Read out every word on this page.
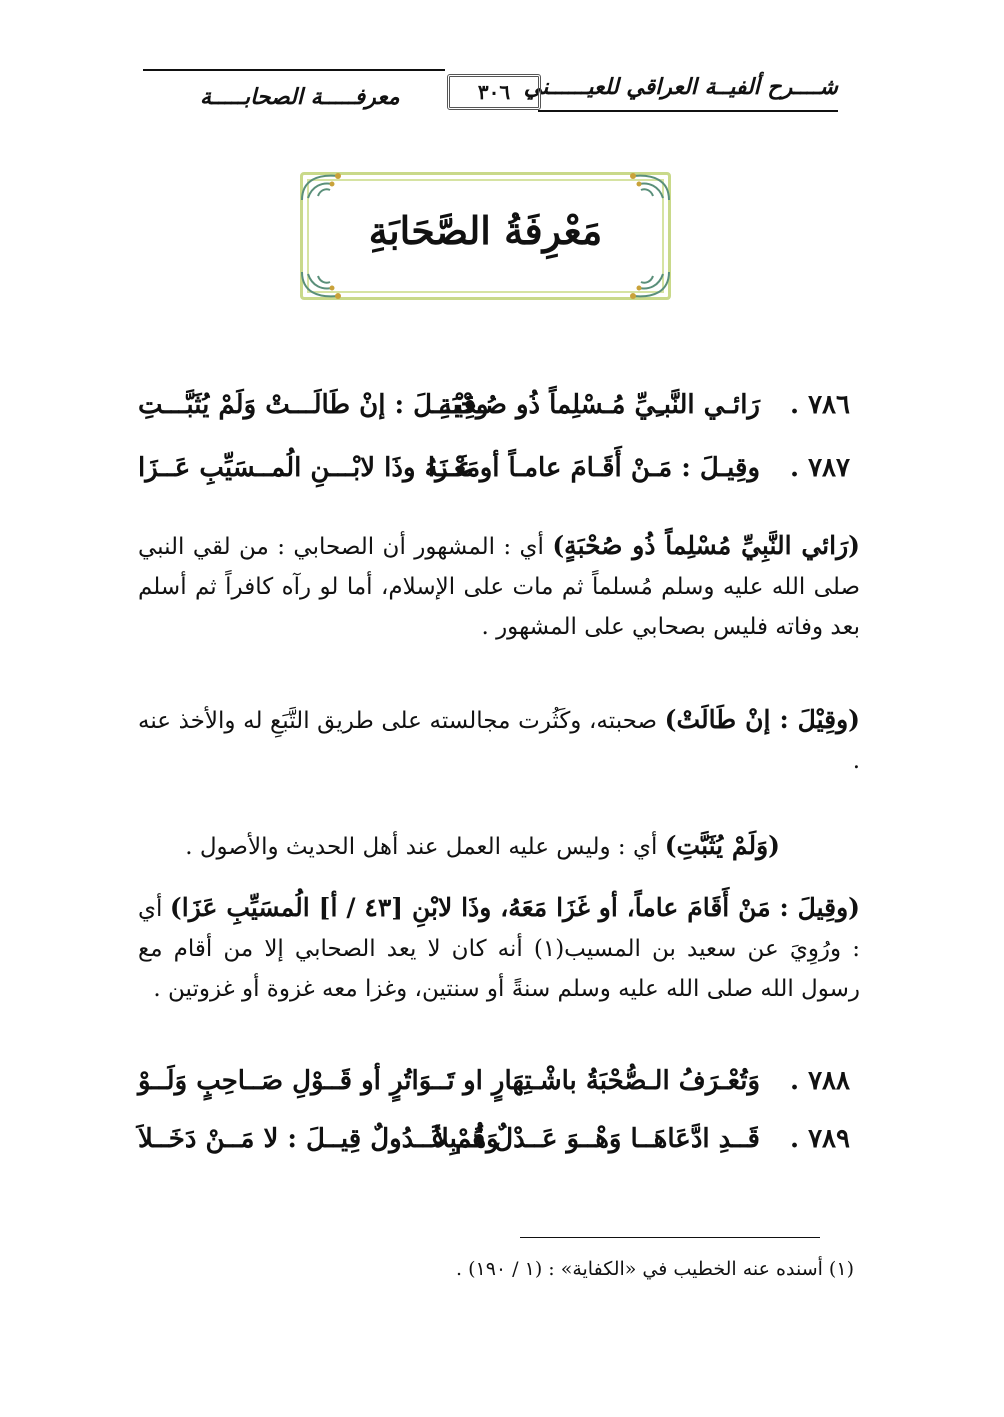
شــــرح ألفيــة العراقي للعيــــــني
٣٠٦
معرفـــــة الصحابـــــة
مَعْرِفَةُ الصَّحَابَةِ
٧٨٦ .
رَائـي النَّبـِيِّ مُـسْلِماً ذُو صُـحْبَةِ
وقِيْـــلَ : إنْ طَالَـــتْ وَلَمْ يُثَبَّـــتِ
٧٨٧ .
وقِيـلَ : مَـنْ أَقَـامَ عامـاً أو غَـزَا
مَعْــهُ وذَا لابْـــنِ الُمــسَيِّبِ عَــزَا
(رَائي النَّبِيِّ مُسْلِماً ذُو صُحْبَةٍ) أي : المشهور أن الصحابي : من لقي النبي صلى الله عليه وسلم مُسلماً ثم مات على الإسلام، أما لو رآه كافراً ثم أسلم بعد وفاته فليس بصحابي على المشهور .
(وقِيْلَ : إنْ طَالَتْ) صحبته، وكَثُرت مجالسته على طريق التَّبَعِ له والأخذ عنه .
(وَلَمْ يُثَبَّتِ) أي : وليس عليه العمل عند أهل الحديث والأصول .
(وقِيلَ : مَنْ أَقَامَ عاماً، أو غَزَا مَعَهُ، وذَا لابْنِ [٤٣ / أ] الُمسَيِّبِ عَزَا) أي : ورُوِيَ عن سعيد بن المسيب(١) أنه كان لا يعد الصحابي إلا من أقام مع رسول الله صلى الله عليه وسلم سنةً أو سنتين، وغزا معه غزوة أو غزوتين .
٧٨٨ .
وَتُعْـرَفُ الـصُّحْبَةُ باشْـتِهَارٍ او
تَــوَاتُرٍ أو قَــوْلِ صَــاحِبٍ وَلَــوْ
٧٨٩ .
قَــدِ ادَّعَاهَــا وَهْــوَ عَــدْلٌ قُــبِلاَ
وَهُمْ عُــدُولٌ قِيــلَ : لا مَــنْ دَخَــلاَ
(١) أسنده عنه الخطيب في «الكفاية» : (١ / ١٩٠) .
